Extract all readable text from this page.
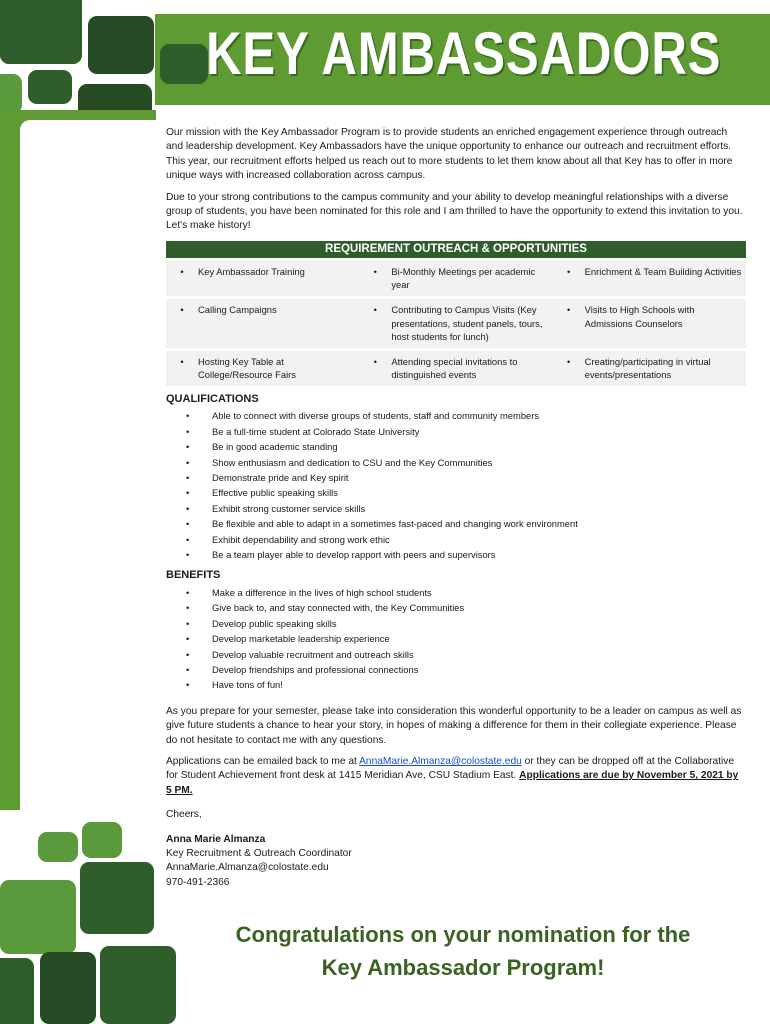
KEY AMBASSADORS

Our mission with the Key Ambassador Program is to provide students an enriched engagement experience through outreach and leadership development. Key Ambassadors have the unique opportunity to enhance our outreach and recruitment efforts. This year, our recruitment efforts helped us reach out to more students to let them know about all that Key has to offer in more unique ways with increased collaboration across campus.

Due to your strong contributions to the campus community and your ability to develop meaningful relationships with a diverse group of students, you have been nominated for this role and I am thrilled to have the opportunity to extend this invitation to you. Let's make history!

REQUIREMENT OUTREACH & OPPORTUNITIES
• Key Ambassador Training	• Bi-Monthly Meetings per academic year	• Enrichment & Team Building Activities

• Calling Campaigns	• Contributing to Campus Visits (Key presentations, student panels, tours, host students for lunch)	• Visits to High Schools with Admissions Counselors

• Hosting Key Table at College/Resource Fairs	• Attending special invitations to distinguished events	• Creating/participating in virtual events/presentations
QUALIFICATIONS
•	Able to connect with diverse groups of students, staff and community members
•	Be a full-time student at Colorado State University
•	Be in good academic standing
•	Show enthusiasm and dedication to CSU and the Key Communities
•	Demonstrate pride and Key spirit
•	Effective public speaking skills
•	Exhibit strong customer service skills
•	Be flexible and able to adapt in a sometimes fast-paced and changing work environment
•	Exhibit dependability and strong work ethic
•	Be a team player able to develop rapport with peers and supervisors
BENEFITS
•	Make a difference in the lives of high school students
•	Give back to, and stay connected with, the Key Communities
•	Develop public speaking skills
•	Develop marketable leadership experience
•	Develop valuable recruitment and outreach skills
•	Develop friendships and professional connections
•	Have tons of fun!

As you prepare for your semester, please take into consideration this wonderful opportunity to be a leader on campus as well as give future students a chance to hear your story, in hopes of making a difference for them in their collegiate experience. Please do not hesitate to contact me with any questions.

Applications can be emailed back to me at AnnaMarie.Almanza@colostate.edu or they can be dropped off at the Collaborative for Student Achievement front desk at 1415 Meridian Ave, CSU Stadium East. Applications are due by November 5, 2021 by 5 PM.

Cheers,

Anna Marie Almanza
Key Recruitment & Outreach Coordinator
AnnaMarie.Almanza@colostate.edu
970-491-2366
Congratulations on your nomination for the
Key Ambassador Program!
